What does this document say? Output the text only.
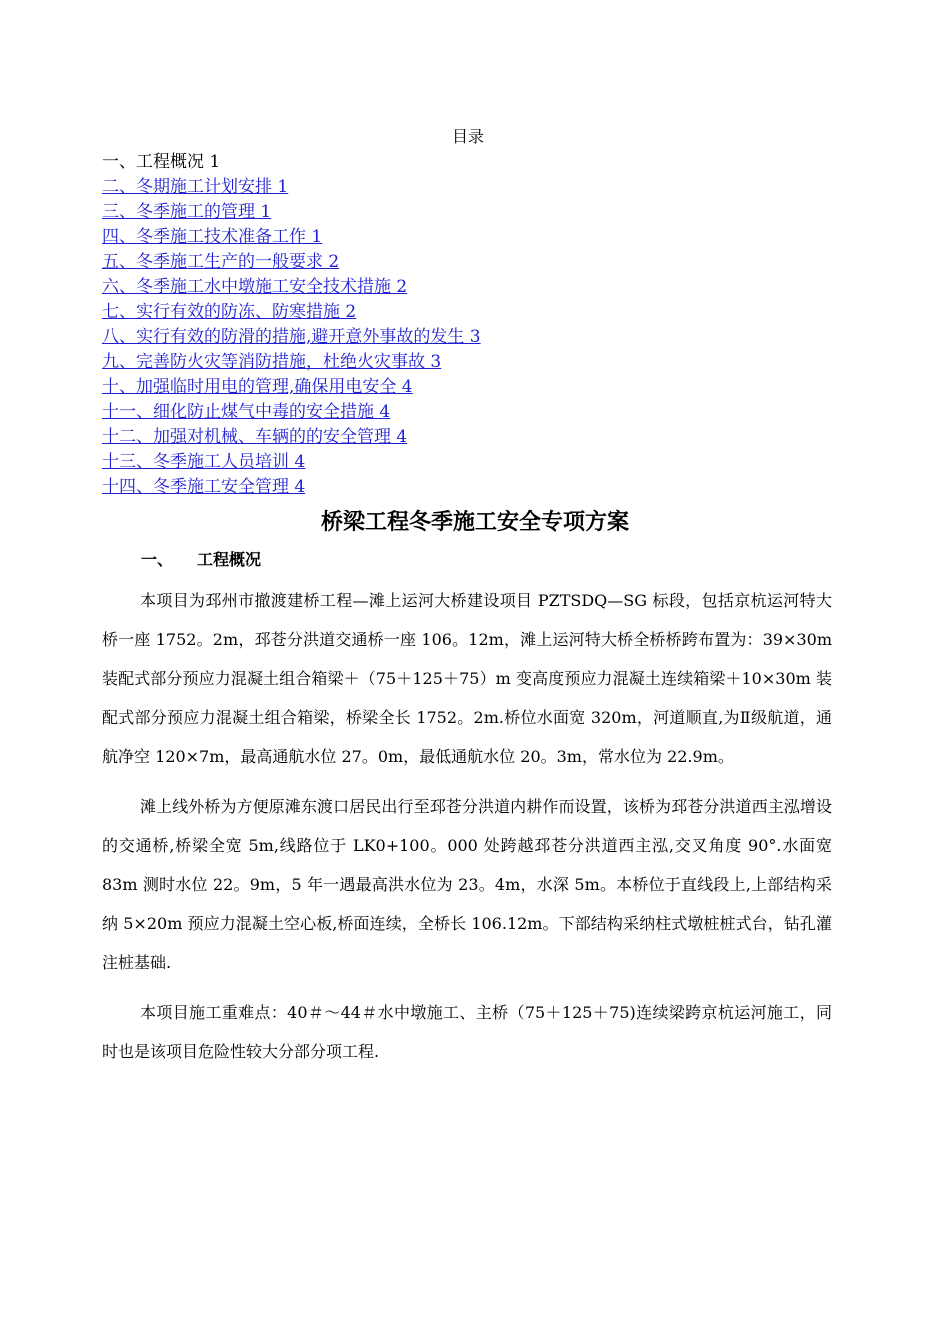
目录
一、工程概况 1
二、冬期施工计划安排 1
三、冬季施工的管理 1
四、冬季施工技术准备工作 1
五、冬季施工生产的一般要求 2
六、冬季施工水中墩施工安全技术措施 2
七、实行有效的防冻、防寒措施 2
八、实行有效的防滑的措施,避开意外事故的发生 3
九、完善防火灾等消防措施，杜绝火灾事故 3
十、加强临时用电的管理,确保用电安全 4
十一、细化防止煤气中毒的安全措施 4
十二、加强对机械、车辆的的安全管理 4
十三、冬季施工人员培训 4
十四、冬季施工安全管理 4
桥梁工程冬季施工安全专项方案
一、 工程概况

本项目为邳州市撤渡建桥工程—滩上运河大桥建设项目 PZTSDQ—SG 标段，包括京杭运河特大桥一座 1752。2m，邳苍分洪道交通桥一座 106。12m，滩上运河特大桥全桥桥跨布置为：39×30m 装配式部分预应力混凝土组合箱梁＋（75＋125＋75）m 变高度预应力混凝土连续箱梁＋10×30m 装配式部分预应力混凝土组合箱梁，桥梁全长 1752。2m.桥位水面宽 320m，河道顺直,为Ⅱ级航道，通航净空 120×7m，最高通航水位 27。0m，最低通航水位 20。3m，常水位为 22.9m。

滩上线外桥为方便原滩东渡口居民出行至邳苍分洪道内耕作而设置，该桥为邳苍分洪道西主泓增设的交通桥,桥梁全宽 5m,线路位于 LK0+100。000 处跨越邳苍分洪道西主泓,交叉角度 90°.水面宽 83m 测时水位 22。9m，5 年一遇最高洪水位为 23。4m，水深 5m。本桥位于直线段上,上部结构采纳 5×20m 预应力混凝土空心板,桥面连续，全桥长 106.12m。下部结构采纳柱式墩桩桩式台，钻孔灌注桩基础.

本项目施工重难点：40＃～44＃水中墩施工、主桥（75＋125＋75)连续梁跨京杭运河施工，同时也是该项目危险性较大分部分项工程.
